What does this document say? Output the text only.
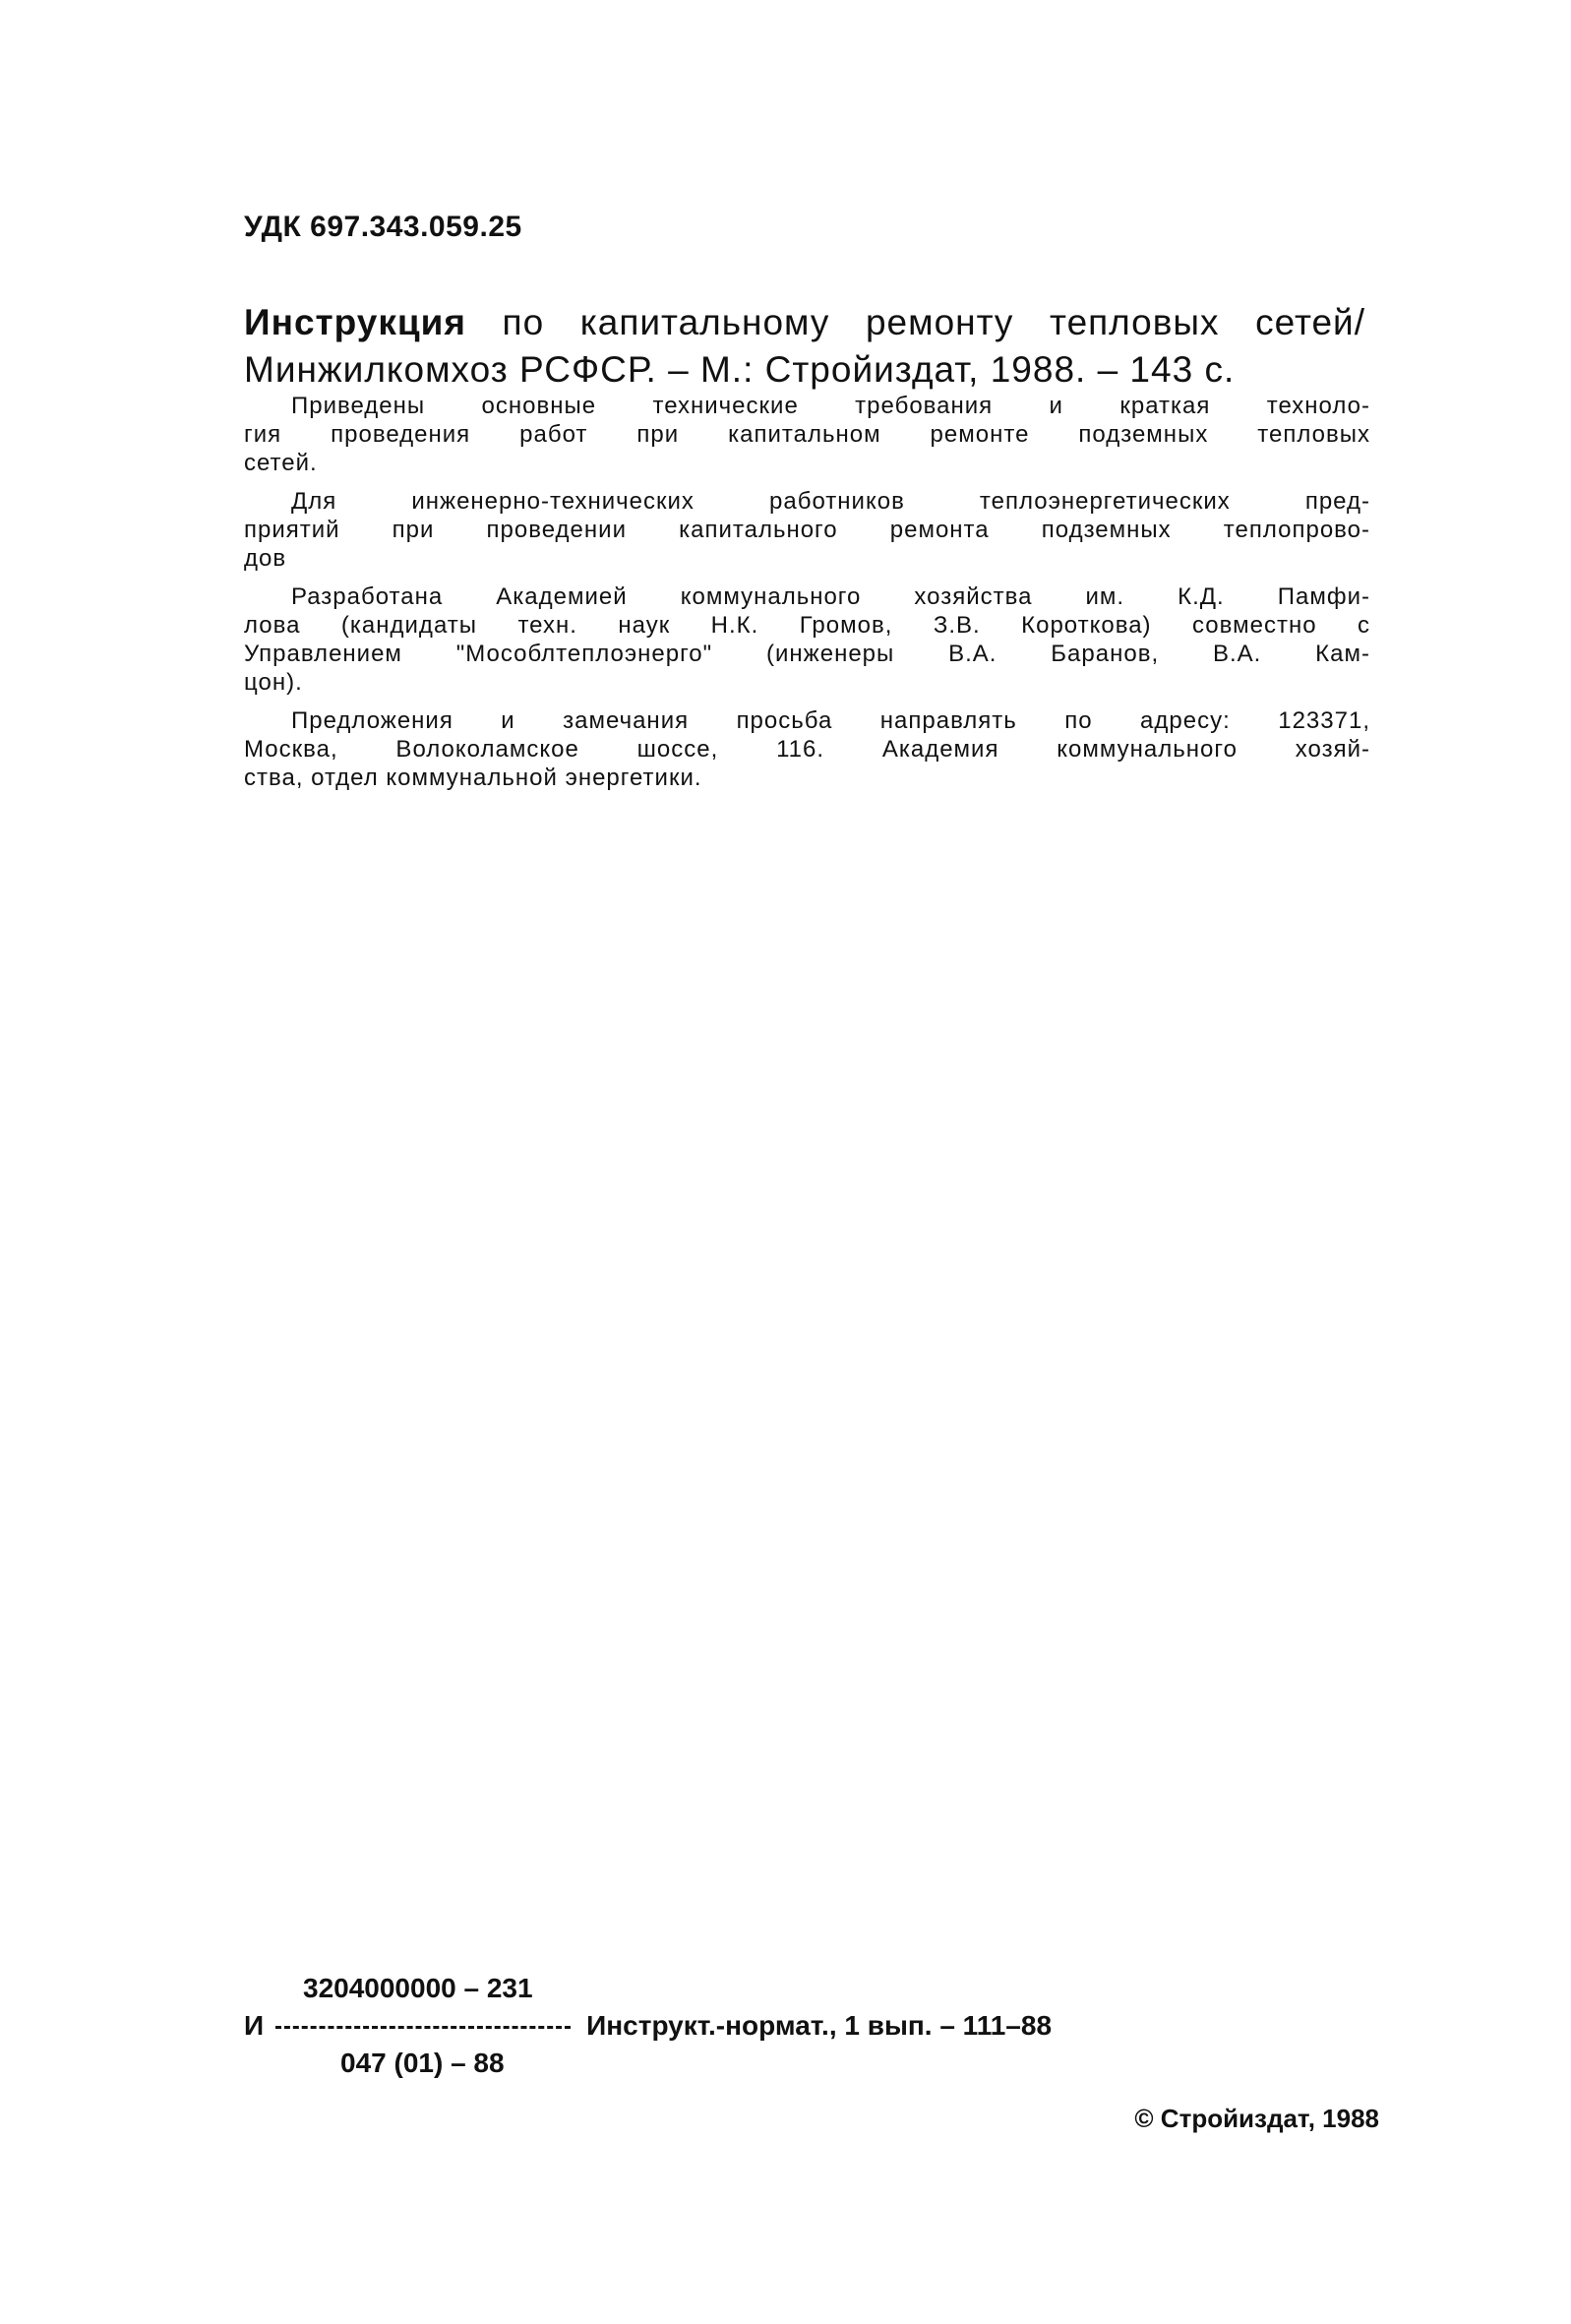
УДК 697.343.059.25
Инструкция по капитальному ремонту тепловых сетей/
Минжилкомхоз РСФСР. – М.: Стройиздат, 1988. – 143 с.
Приведены основные технические требования и краткая техноло-
гия проведения работ при капитальном ремонте подземных тепловых
сетей.
Для инженерно-технических работников теплоэнергетических пред-
приятий при проведении капитального ремонта подземных теплопрово-
дов
Разработана Академией коммунального хозяйства им. К.Д. Памфи-
лова (кандидаты техн. наук Н.К. Громов, З.В. Короткова) совместно с
Управлением "Мособлтеплоэнерго" (инженеры В.А. Баранов, В.А. Кам-
цон).
Предложения и замечания просьба направлять по адресу: 123371,
Москва, Волоколамское шоссе, 116. Академия коммунального хозяй-
ства, отдел коммунальной энергетики.
3204000000 – 231
И	Инструкт.-нормат., 1 вып. – 111–88
047 (01) – 88
© Стройиздат, 1988
